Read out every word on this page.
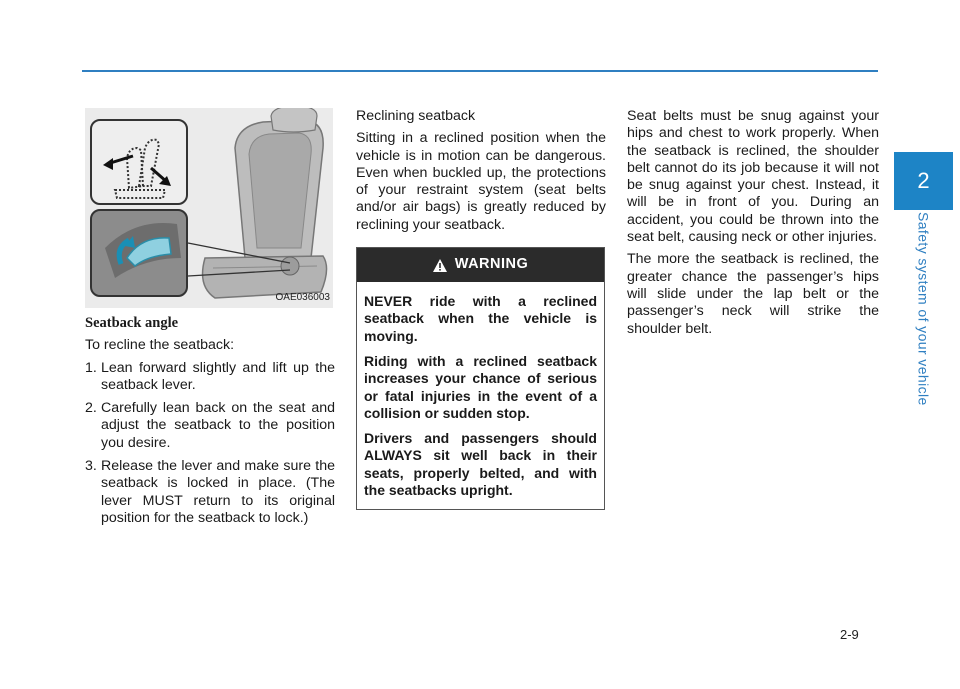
2
Safety system of your vehicle
OAE036003
Seatback angle
To recline the seatback:
1. Lean forward slightly and lift up the seatback lever.
2. Carefully lean back on the seat and adjust the seatback to the position you desire.
3. Release the lever and make sure the seatback is locked in place. (The lever MUST return to its original position for the seatback to lock.)
Reclining seatback
Sitting in a reclined position when the vehicle is in motion can be dangerous. Even when buckled up, the protections of your restraint system (seat belts and/or air bags) is greatly reduced by reclining your seatback.
WARNING

NEVER ride with a reclined seatback when the vehicle is moving.

Riding with a reclined seatback increases your chance of serious or fatal injuries in the event of a collision or sudden stop.

Drivers and passengers should ALWAYS sit well back in their seats, properly belted, and with the seatbacks upright.

Seat belts must be snug against your hips and chest to work properly. When the seatback is reclined, the shoulder belt cannot do its job because it will not be snug against your chest. Instead, it will be in front of you. During an accident, you could be thrown into the seat belt, causing neck or other injuries.
The more the seatback is reclined, the greater chance the passenger’s hips will slide under the lap belt or the passenger’s neck will strike the shoulder belt.
2-9
